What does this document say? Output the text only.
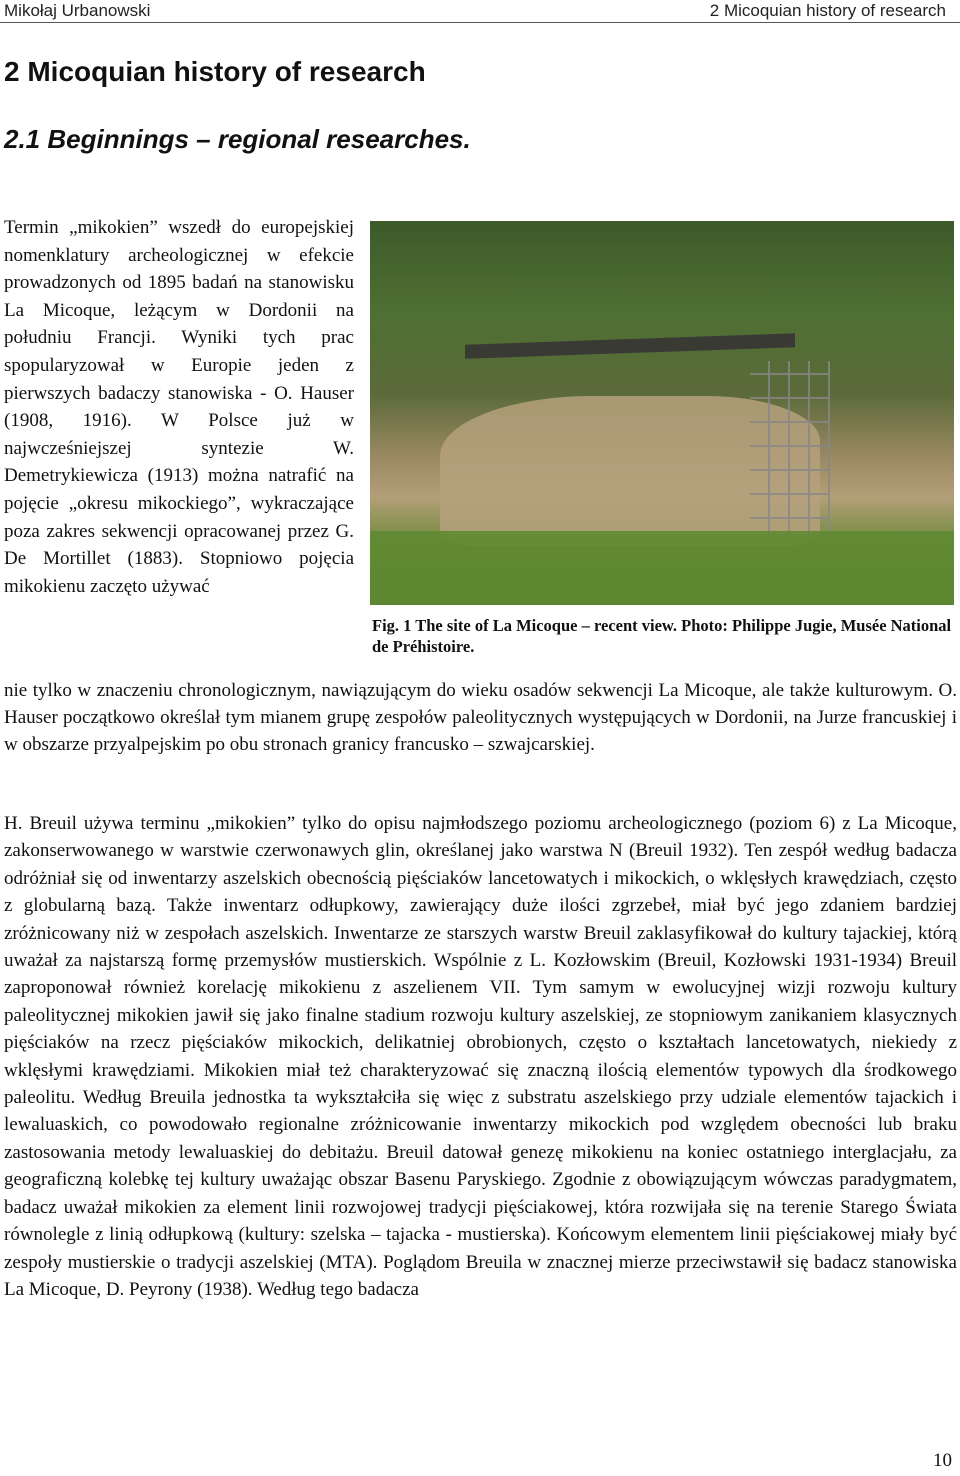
Mikołaj Urbanowski	2 Micoquian history of research
2 Micoquian history of research
2.1 Beginnings – regional researches.

Termin „mikokien” wszedł do europejskiej nomenklatury archeologicznej w efekcie prowadzonych od 1895 badań na stanowisku La Micoque, leżącym w Dordonii na południu Francji. Wyniki tych prac spopularyzował w Europie jeden z pierwszych badaczy stanowiska - O. Hauser (1908, 1916). W Polsce już w najwcześniejszej syntezie W. Demetrykiewicza (1913) można natrafić na pojęcie „okresu mikockiego”, wykraczające poza zakres sekwencji opracowanej przez G. De Mortillet (1883). Stopniowo pojęcia mikokienu zaczęto używać

Fig. 1 The site of La Micoque – recent view. Photo: Philippe Jugie, Musée National de Préhistoire.

nie tylko w znaczeniu chronologicznym, nawiązującym do wieku osadów sekwencji La Micoque, ale także kulturowym. O. Hauser początkowo określał tym mianem grupę zespołów paleolitycznych występujących w Dordonii, na Jurze francuskiej i w obszarze przyalpejskim po obu stronach granicy francusko – szwajcarskiej.

H. Breuil używa terminu „mikokien” tylko do opisu najmłodszego poziomu archeologicznego (poziom 6) z La Micoque, zakonserwowanego w warstwie czerwonawych glin, określanej jako warstwa N (Breuil 1932). Ten zespół według badacza odróżniał się od inwentarzy aszelskich obecnością pięściaków lancetowatych i mikockich, o wklęsłych krawędziach, często z globularną bazą. Także inwentarz odłupkowy, zawierający duże ilości zgrzebeł, miał być jego zdaniem bardziej zróżnicowany niż w zespołach aszelskich. Inwentarze ze starszych warstw Breuil zaklasyfikował do kultury tajackiej, którą uważał za najstarszą formę przemysłów mustierskich. Wspólnie z L. Kozłowskim (Breuil, Kozłowski 1931-1934) Breuil zaproponował również korelację mikokienu z aszelienem VII. Tym samym w ewolucyjnej wizji rozwoju kultury paleolitycznej mikokien jawił się jako finalne stadium rozwoju kultury aszelskiej, ze stopniowym zanikaniem klasycznych pięściaków na rzecz pięściaków mikockich, delikatniej obrobionych, często o kształtach lancetowatych, niekiedy z wklęsłymi krawędziami. Mikokien miał też charakteryzować się znaczną ilością elementów typowych dla środkowego paleolitu. Według Breuila jednostka ta wykształciła się więc z substratu aszelskiego przy udziale elementów tajackich i lewaluaskich, co powodowało regionalne zróżnicowanie inwentarzy mikockich pod względem obecności lub braku zastosowania metody lewaluaskiej do debitażu. Breuil datował genezę mikokienu na koniec ostatniego interglacjału, za geograficzną kolebkę tej kultury uważając obszar Basenu Paryskiego. Zgodnie z obowiązującym wówczas paradygmatem, badacz uważał mikokien za element linii rozwojowej tradycji pięściakowej, która rozwijała się na terenie Starego Świata równolegle z linią odłupkową (kultury: szelska – tajacka - mustierska). Końcowym elementem linii pięściakowej miały być zespoły mustierskie o tradycji aszelskiej (MTA). Poglądom Breuila w znacznej mierze przeciwstawił się badacz stanowiska La Micoque, D. Peyrony (1938). Według tego badacza

10
